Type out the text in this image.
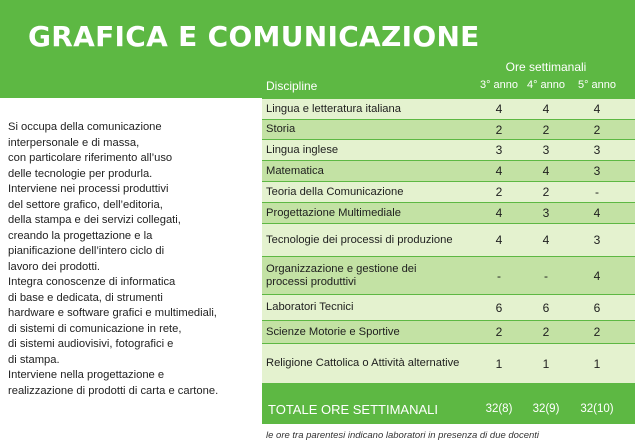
GRAFICA E COMUNICAZIONE
Ore settimanali
Discipline	3° anno 4° anno	5° anno
Si occupa della comunicazione
interpersonale e di massa,
con particolare riferimento all’uso
delle tecnologie per produrla.
Interviene nei processi produttivi
del settore grafico, dell’editoria,
della stampa e dei servizi collegati,
creando la progettazione e la
pianificazione dell’intero ciclo di
lavoro dei prodotti.
Integra conoscenze di informatica
di base e dedicata, di strumenti
hardware e software grafici e multimediali,
di sistemi di comunicazione in rete,
di sistemi audiovisivi, fotografici e
di stampa.
Interviene nella progettazione e
realizzazione di prodotti di carta e cartone.
Lingua e letteratura italiana	4	4	4
Storia	2	2	2
Lingua inglese	3	3	3
Matematica	4	4	3
Teoria della Comunicazione	2	2	-
Progettazione Multimediale	4	3	4
Tecnologie dei processi di produzione	4	4	3
Organizzazione e gestione dei processi produttivi	-	-	4
Laboratori Tecnici	6	6	6
Scienze Motorie e Sportive	2	2	2
Religione Cattolica o Attività alternative	1	1	1
TOTALE ORE SETTIMANALI	32(8)	32(9)	32(10)
le ore tra parentesi indicano laboratori in presenza di due docenti
